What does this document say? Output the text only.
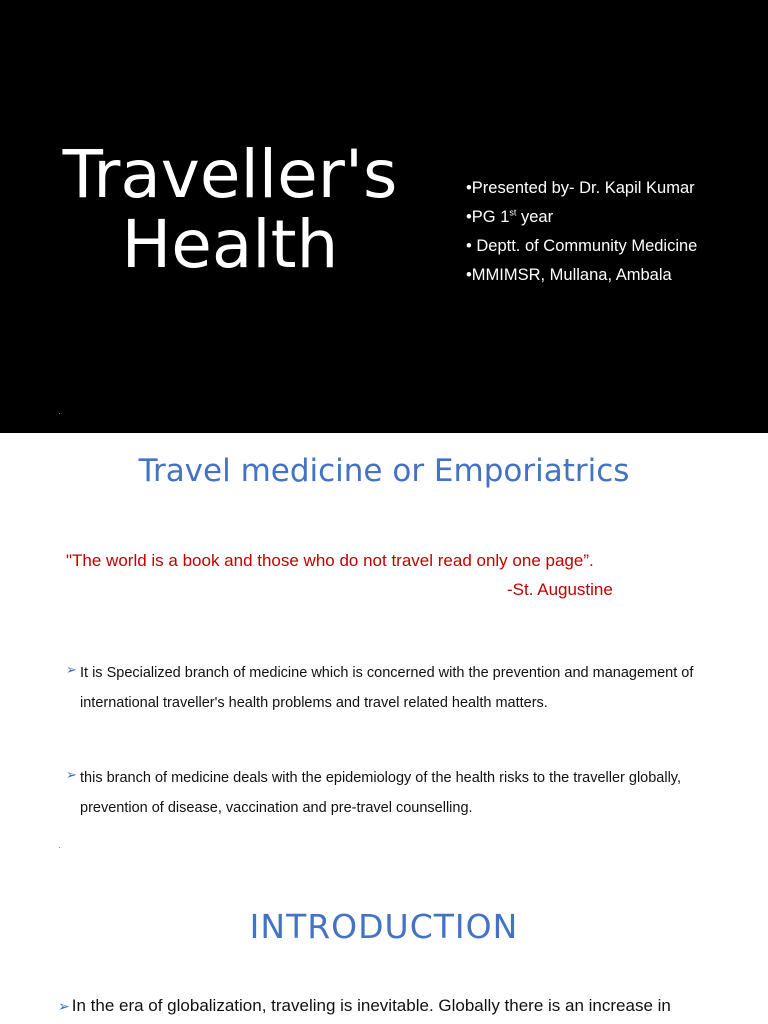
Traveller's
Health
•Presented by- Dr. Kapil Kumar
•PG 1st year
• Deptt. of Community Medicine
•MMIMSR, Mullana, Ambala
Travel medicine or Emporiatrics

"The world is a book and those who do not travel read only one page”.

-St. Augustine

➢ It is Specialized branch of medicine which is concerned with the prevention and management of international traveller's health problems and travel related health matters.
➢ this branch of medicine deals with the epidemiology of the health risks to the traveller globally, prevention of disease, vaccination and pre-travel counselling.
INTRODUCTION
➢ In the era of globalization, traveling is inevitable. Globally there is an increase in
